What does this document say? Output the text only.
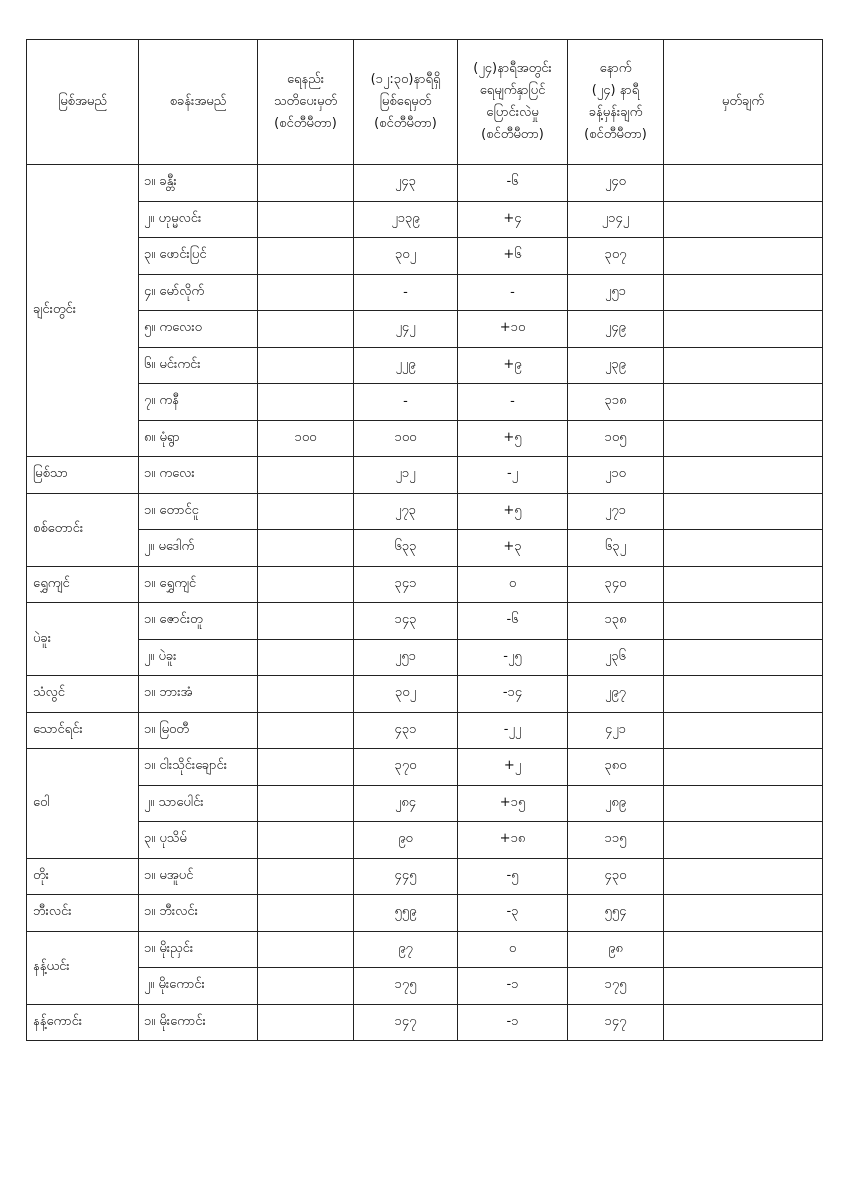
မြစ်အမည်	စခန်းအမည်	ရေနည်း
သတိပေးမှတ်
(စင်တီမီတာ)	(၁၂:၃၀)နာရီရှိ
မြစ်ရေမှတ်
(စင်တီမီတာ)	(၂၄)နာရီအတွင်း
ရေမျက်နှာပြင်
ပြောင်းလဲမှု
(စင်တီမီတာ)	နောက်
(၂၄) နာရီ
ခန့်မှန်းချက်
(စင်တီမီတာ)	မှတ်ချက်
ချင်းတွင်း	၁။ ခန္တီး		၂၄၃	-၆	၂၄၀	
	၂။ ဟုမ္မလင်း		၂၁၃၉	+၄	၂၁၄၂	
	၃။ ဖောင်းပြင်		၃၀၂	+၆	၃၀၇	
	၄။ မော်လိုက်		-	-	၂၅၁	
	၅။ ကလေးဝ		၂၄၂	+၁၀	၂၄၉	
	၆။ မင်းကင်း		၂၂၉	+၉	၂၃၉	
	၇။ ကနီ		-	-	၃၁၈	
	၈။ မုံရွာ	၁၀၀	၁၀၀	+၅	၁၀၅	
မြစ်သာ	၁။ ကလေး		၂၁၂	-၂	၂၁၀	
စစ်တောင်း	၁။ တောင်ငူ		၂၇၃	+၅	၂၇၁	
	၂။ မဒေါက်		၆၃၃	+၃	၆၃၂	
ရွှေကျင်	၁။ ရွှေကျင်		၃၄၁	၀	၃၄၀	
ပဲခူး	၁။ ဇောင်းတူ		၁၄၃	-၆	၁၃၈	
	၂။ ပဲခူး		၂၅၁	-၂၅	၂၃၆	
သံလွင်	၁။ ဘားအံ		၃၀၂	-၁၄	၂၉၇	
သောင်ရင်း	၁။ မြဝတီ		၄၃၁	-၂၂	၄၂၁	
ဝေါ	၁။ ငါးသိုင်းချောင်း		၃၇၀	+၂	၃၈၀	
	၂။ သာပေါင်း		၂၈၄	+၁၅	၂၈၉	
	၃။ ပုသိမ်		၉၀	+၁၈	၁၁၅	
တိုး	၁။ မအူပင်		၄၄၅	-၅	၄၃၀	
ဘီးလင်း	၁။ ဘီးလင်း		၅၅၉	-၃	၅၅၄	
နန့်ယင်း	၁။ မိုးညှင်း		၉၇	၀	၉၈	
	၂။ မိုးကောင်း		၁၇၅	-၁	၁၇၅	
နန့်ကောင်း	၁။ မိုးကောင်း		၁၄၇	-၁	၁၄၇	
